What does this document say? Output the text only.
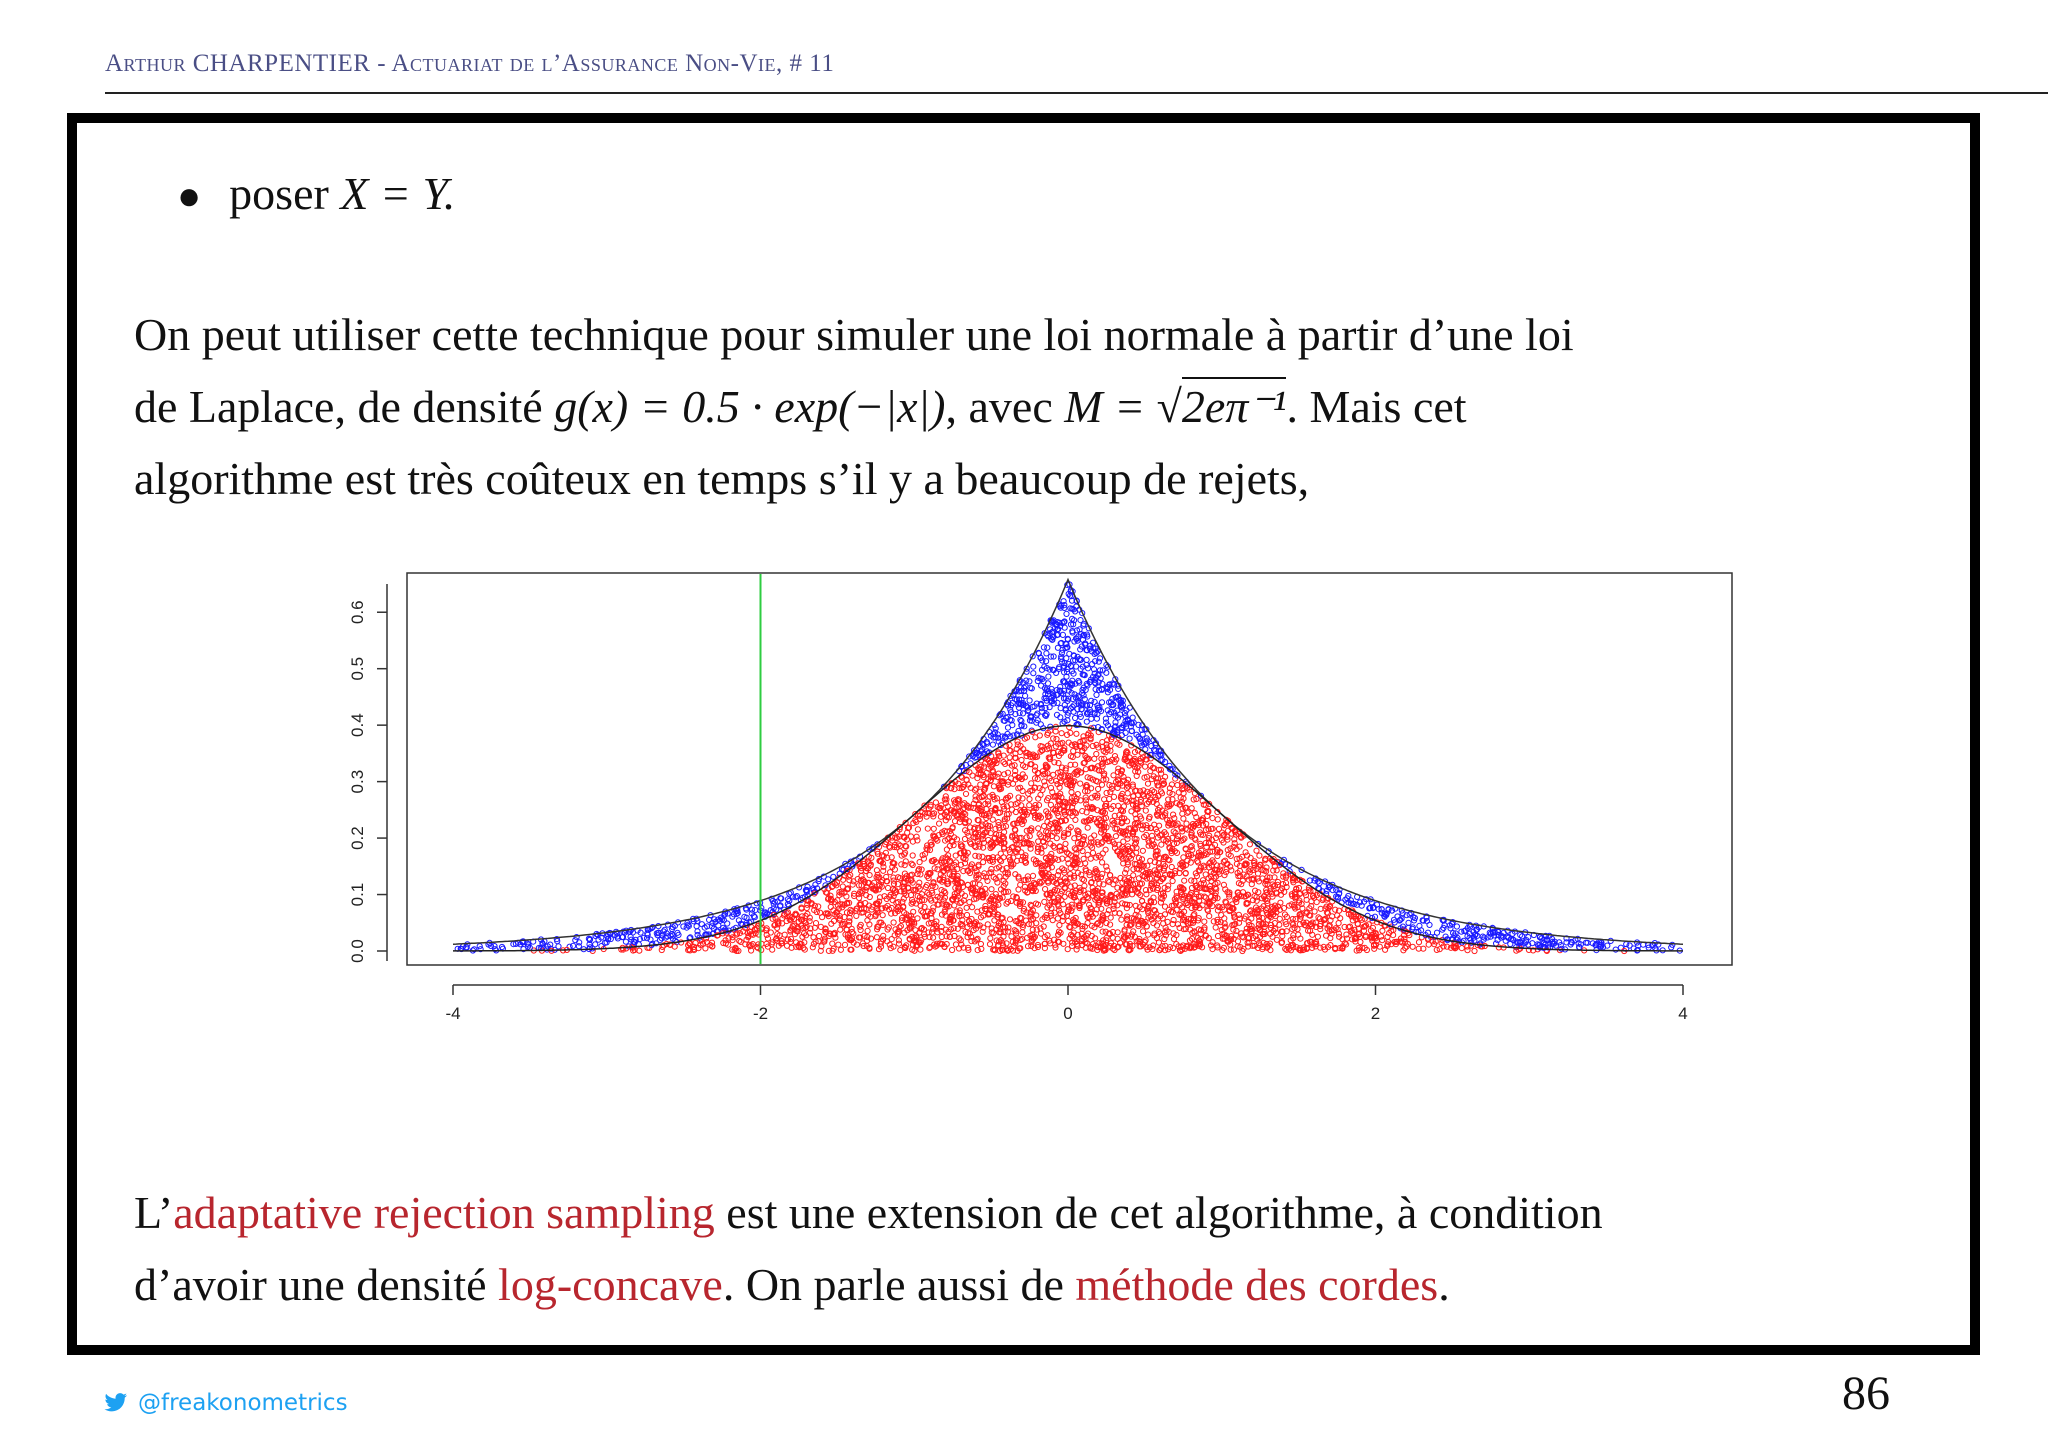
Arthur CHARPENTIER - Actuariat de l’Assurance Non-Vie, # 11
● poser X = Y.
On peut utiliser cette technique pour simuler une loi normale à partir d’une loi
de Laplace, de densité g(x) = 0.5 · exp(−|x|), avec M = √2eπ⁻¹. Mais cet
algorithme est très coûteux en temps s’il y a beaucoup de rejets,
0.0
0.1
0.2
0.3
0.4
0.5
0.6
-4	-2	0	2	4
L’adaptative rejection sampling est une extension de cet algorithme, à condition
d’avoir une densité log-concave. On parle aussi de méthode des cordes.
@freakonometrics	86
